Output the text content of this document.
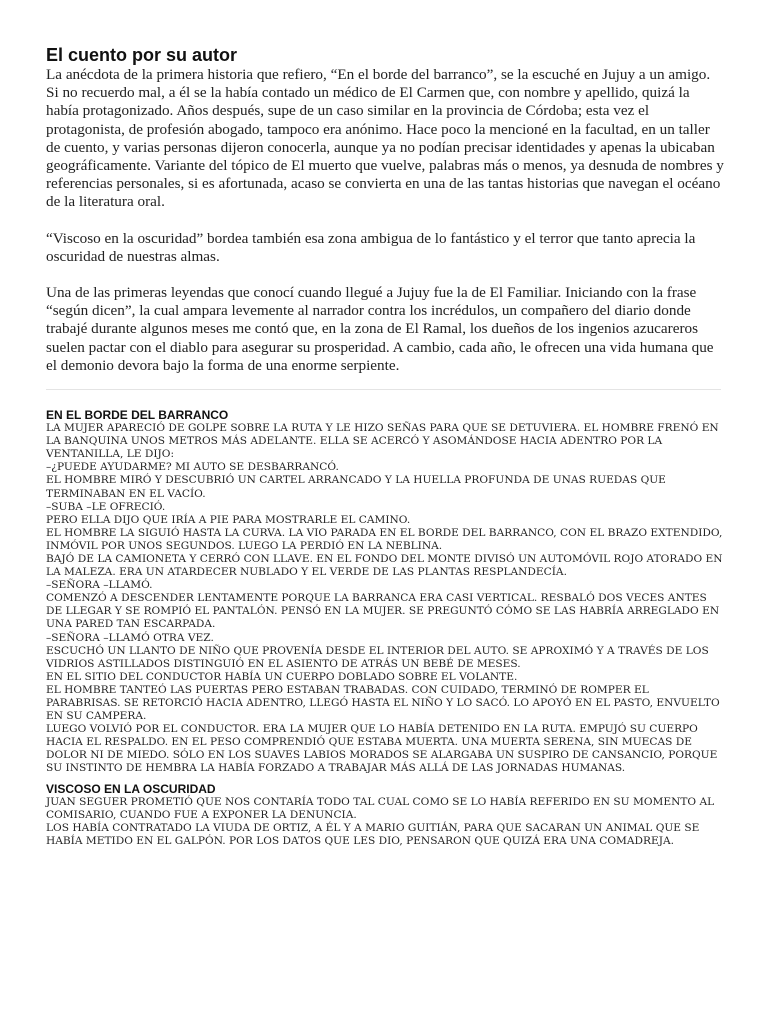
El cuento por su autor

La anécdota de la primera historia que refiero, “En el borde del barranco”, se la escuché en Jujuy a un amigo. Si no recuerdo mal, a él se la había contado un médico de El Carmen que, con nombre y apellido, quizá la había protagonizado. Años después, supe de un caso similar en la provincia de Córdoba; esta vez el protagonista, de profesión abogado, tampoco era anónimo. Hace poco la mencioné en la facultad, en un taller de cuento, y varias personas dijeron conocerla, aunque ya no podían precisar identidades y apenas la ubicaban geográficamente. Variante del tópico de El muerto que vuelve, palabras más o menos, ya desnuda de nombres y referencias personales, si es afortunada, acaso se convierta en una de las tantas historias que navegan el océano de la literatura oral.

“Viscoso en la oscuridad” bordea también esa zona ambigua de lo fantástico y el terror que tanto aprecia la oscuridad de nuestras almas.

Una de las primeras leyendas que conocí cuando llegué a Jujuy fue la de El Familiar. Iniciando con la frase “según dicen”, la cual ampara levemente al narrador contra los incrédulos, un compañero del diario donde trabajé durante algunos meses me contó que, en la zona de El Ramal, los dueños de los ingenios azucareros suelen pactar con el diablo para asegurar su prosperidad. A cambio, cada año, le ofrecen una vida humana que el demonio devora bajo la forma de una enorme serpiente.

EN EL BORDE DEL BARRANCO

LA MUJER APARECIÓ DE GOLPE SOBRE LA RUTA Y LE HIZO SEÑAS PARA QUE SE DETUVIERA. EL HOMBRE FRENÓ EN LA BANQUINA UNOS METROS MÁS ADELANTE. ELLA SE ACERCÓ Y ASOMÁNDOSE HACIA ADENTRO POR LA VENTANILLA, LE DIJO:

–¿PUEDE AYUDARME? MI AUTO SE DESBARRANCÓ.

EL HOMBRE MIRÓ Y DESCUBRIÓ UN CARTEL ARRANCADO Y LA HUELLA PROFUNDA DE UNAS RUEDAS QUE TERMINABAN EN EL VACÍO.

–SUBA –LE OFRECIÓ.

PERO ELLA DIJO QUE IRÍA A PIE PARA MOSTRARLE EL CAMINO.

EL HOMBRE LA SIGUIÓ HASTA LA CURVA. LA VIO PARADA EN EL BORDE DEL BARRANCO, CON EL BRAZO EXTENDIDO, INMÓVIL POR UNOS SEGUNDOS. LUEGO LA PERDIÓ EN LA NEBLINA.

BAJÓ DE LA CAMIONETA Y CERRÓ CON LLAVE. EN EL FONDO DEL MONTE DIVISÓ UN AUTOMÓVIL ROJO ATORADO EN LA MALEZA. ERA UN ATARDECER NUBLADO Y EL VERDE DE LAS PLANTAS RESPLANDECÍA.

–SEÑORA –LLAMÓ.

COMENZÓ A DESCENDER LENTAMENTE PORQUE LA BARRANCA ERA CASI VERTICAL. RESBALÓ DOS VECES ANTES DE LLEGAR Y SE ROMPIÓ EL PANTALÓN. PENSÓ EN LA MUJER. SE PREGUNTÓ CÓMO SE LAS HABRÍA ARREGLADO EN UNA PARED TAN ESCARPADA.

–SEÑORA –LLAMÓ OTRA VEZ.

ESCUCHÓ UN LLANTO DE NIÑO QUE PROVENÍA DESDE EL INTERIOR DEL AUTO. SE APROXIMÓ Y A TRAVÉS DE LOS VIDRIOS ASTILLADOS DISTINGUIÓ EN EL ASIENTO DE ATRÁS UN BEBÉ DE MESES.

EN EL SITIO DEL CONDUCTOR HABÍA UN CUERPO DOBLADO SOBRE EL VOLANTE.

EL HOMBRE TANTEÓ LAS PUERTAS PERO ESTABAN TRABADAS. CON CUIDADO, TERMINÓ DE ROMPER EL PARABRISAS. SE RETORCIÓ HACIA ADENTRO, LLEGÓ HASTA EL NIÑO Y LO SACÓ. LO APOYÓ EN EL PASTO, ENVUELTO EN SU CAMPERA.

LUEGO VOLVIÓ POR EL CONDUCTOR. ERA LA MUJER QUE LO HABÍA DETENIDO EN LA RUTA. EMPUJÓ SU CUERPO HACIA EL RESPALDO. EN EL PESO COMPRENDIÓ QUE ESTABA MUERTA. UNA MUERTA SERENA, SIN MUECAS DE DOLOR NI DE MIEDO. SÓLO EN LOS SUAVES LABIOS MORADOS SE ALARGABA UN SUSPIRO DE CANSANCIO, PORQUE SU INSTINTO DE HEMBRA LA HABÍA FORZADO A TRABAJAR MÁS ALLÁ DE LAS JORNADAS HUMANAS.

VISCOSO EN LA OSCURIDAD

JUAN SEGUER PROMETIÓ QUE NOS CONTARÍA TODO TAL CUAL COMO SE LO HABÍA REFERIDO EN SU MOMENTO AL COMISARIO, CUANDO FUE A EXPONER LA DENUNCIA.

LOS HABÍA CONTRATADO LA VIUDA DE ORTIZ, A ÉL Y A MARIO GUITIÁN, PARA QUE SACARAN UN ANIMAL QUE SE HABÍA METIDO EN EL GALPÓN. POR LOS DATOS QUE LES DIO, PENSARON QUE QUIZÁ ERA UNA COMADREJA.
